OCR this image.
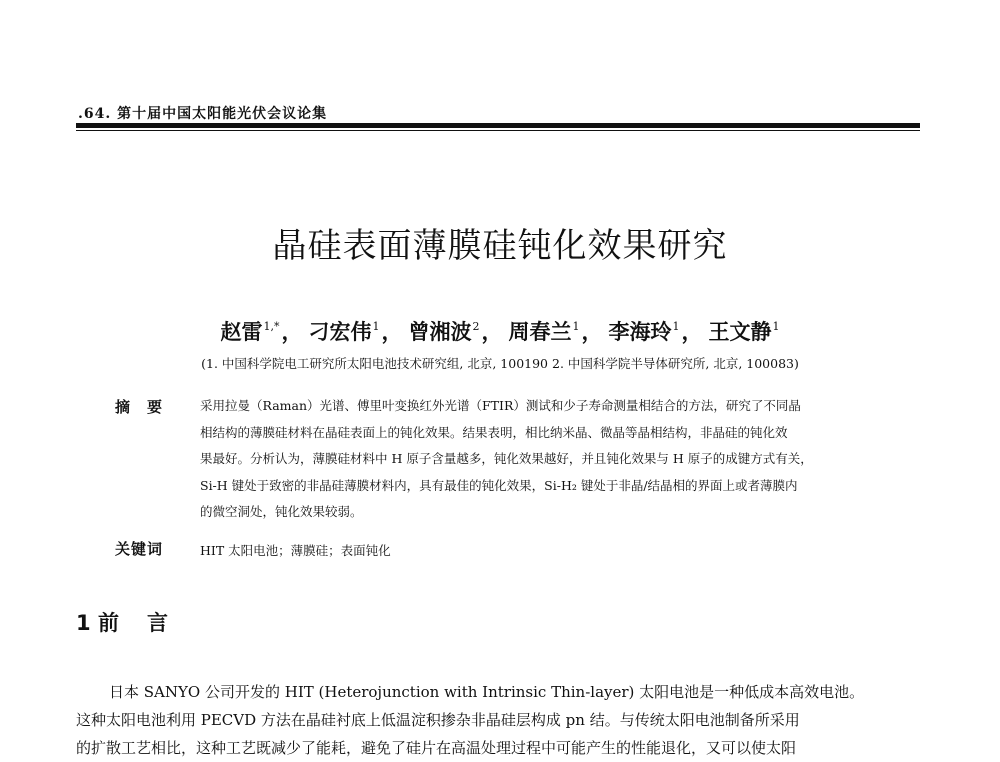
.64. 第十届中国太阳能光伏会议论集
晶硅表面薄膜硅钝化效果研究
赵雷$^{1,*}$， 刁宏伟$^1$， 曾湘波$^2$， 周春兰$^1$， 李海玲$^1$， 王文静$^1$
(1. 中国科学院电工研究所太阳电池技术研究组, 北京, 100190 2. 中国科学院半导体研究所, 北京, 100083)
摘要 采用拉曼（Raman）光谱、傅里叶变换红外光谱（FTIR）测试和少子寿命测量相结合的方法，研究了不同晶
相结构的薄膜硅材料在晶硅表面上的钝化效果。结果表明，相比纳米晶、微晶等晶相结构，非晶硅的钝化效
果最好。分析认为，薄膜硅材料中 H 原子含量越多，钝化效果越好，并且钝化效果与 H 原子的成键方式有关，
Si-H 键处于致密的非晶硅薄膜材料内，具有最佳的钝化效果，Si-H₂ 键处于非晶/结晶相的界面上或者薄膜内
的微空洞处，钝化效果较弱。
关键词	HIT 太阳电池；薄膜硅；表面钝化
1 前 言
日本 SANYO 公司开发的 HIT (Heterojunction with Intrinsic Thin-layer) 太阳电池是一种低成本高效电池。
这种太阳电池利用 PECVD 方法在晶硅衬底上低温淀积掺杂非晶硅层构成 pn 结。与传统太阳电池制备所采用
的扩散工艺相比，这种工艺既减少了能耗，避免了硅片在高温处理过程中可能产生的性能退化，又可以使太阳
